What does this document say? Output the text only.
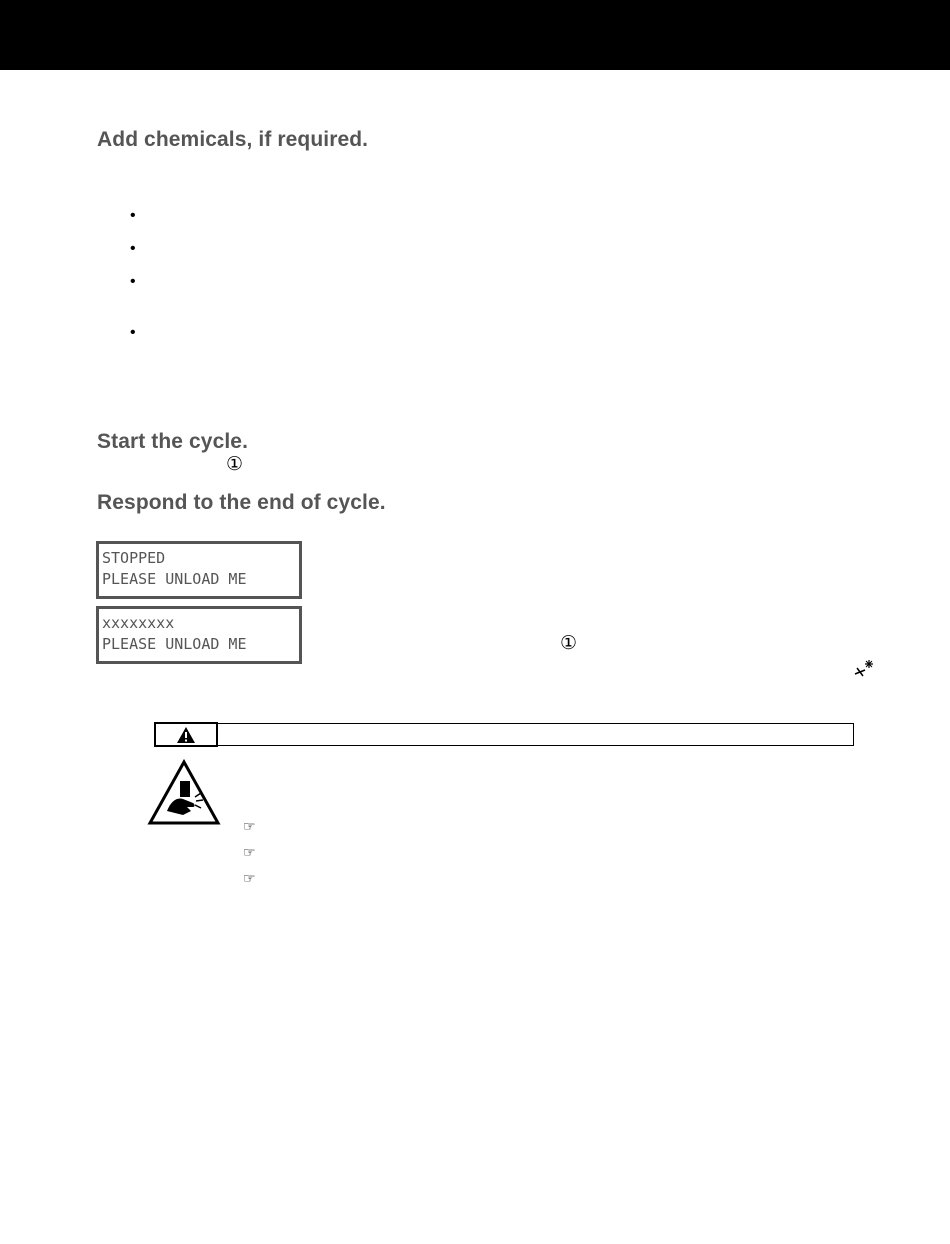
Add chemicals, if required.
•
•
•
•
Start the cycle.
①
Respond to the end of cycle.
STOPPED
PLEASE UNLOAD ME
xxxxxxxx
PLEASE UNLOAD ME	①
☞
☞
☞
